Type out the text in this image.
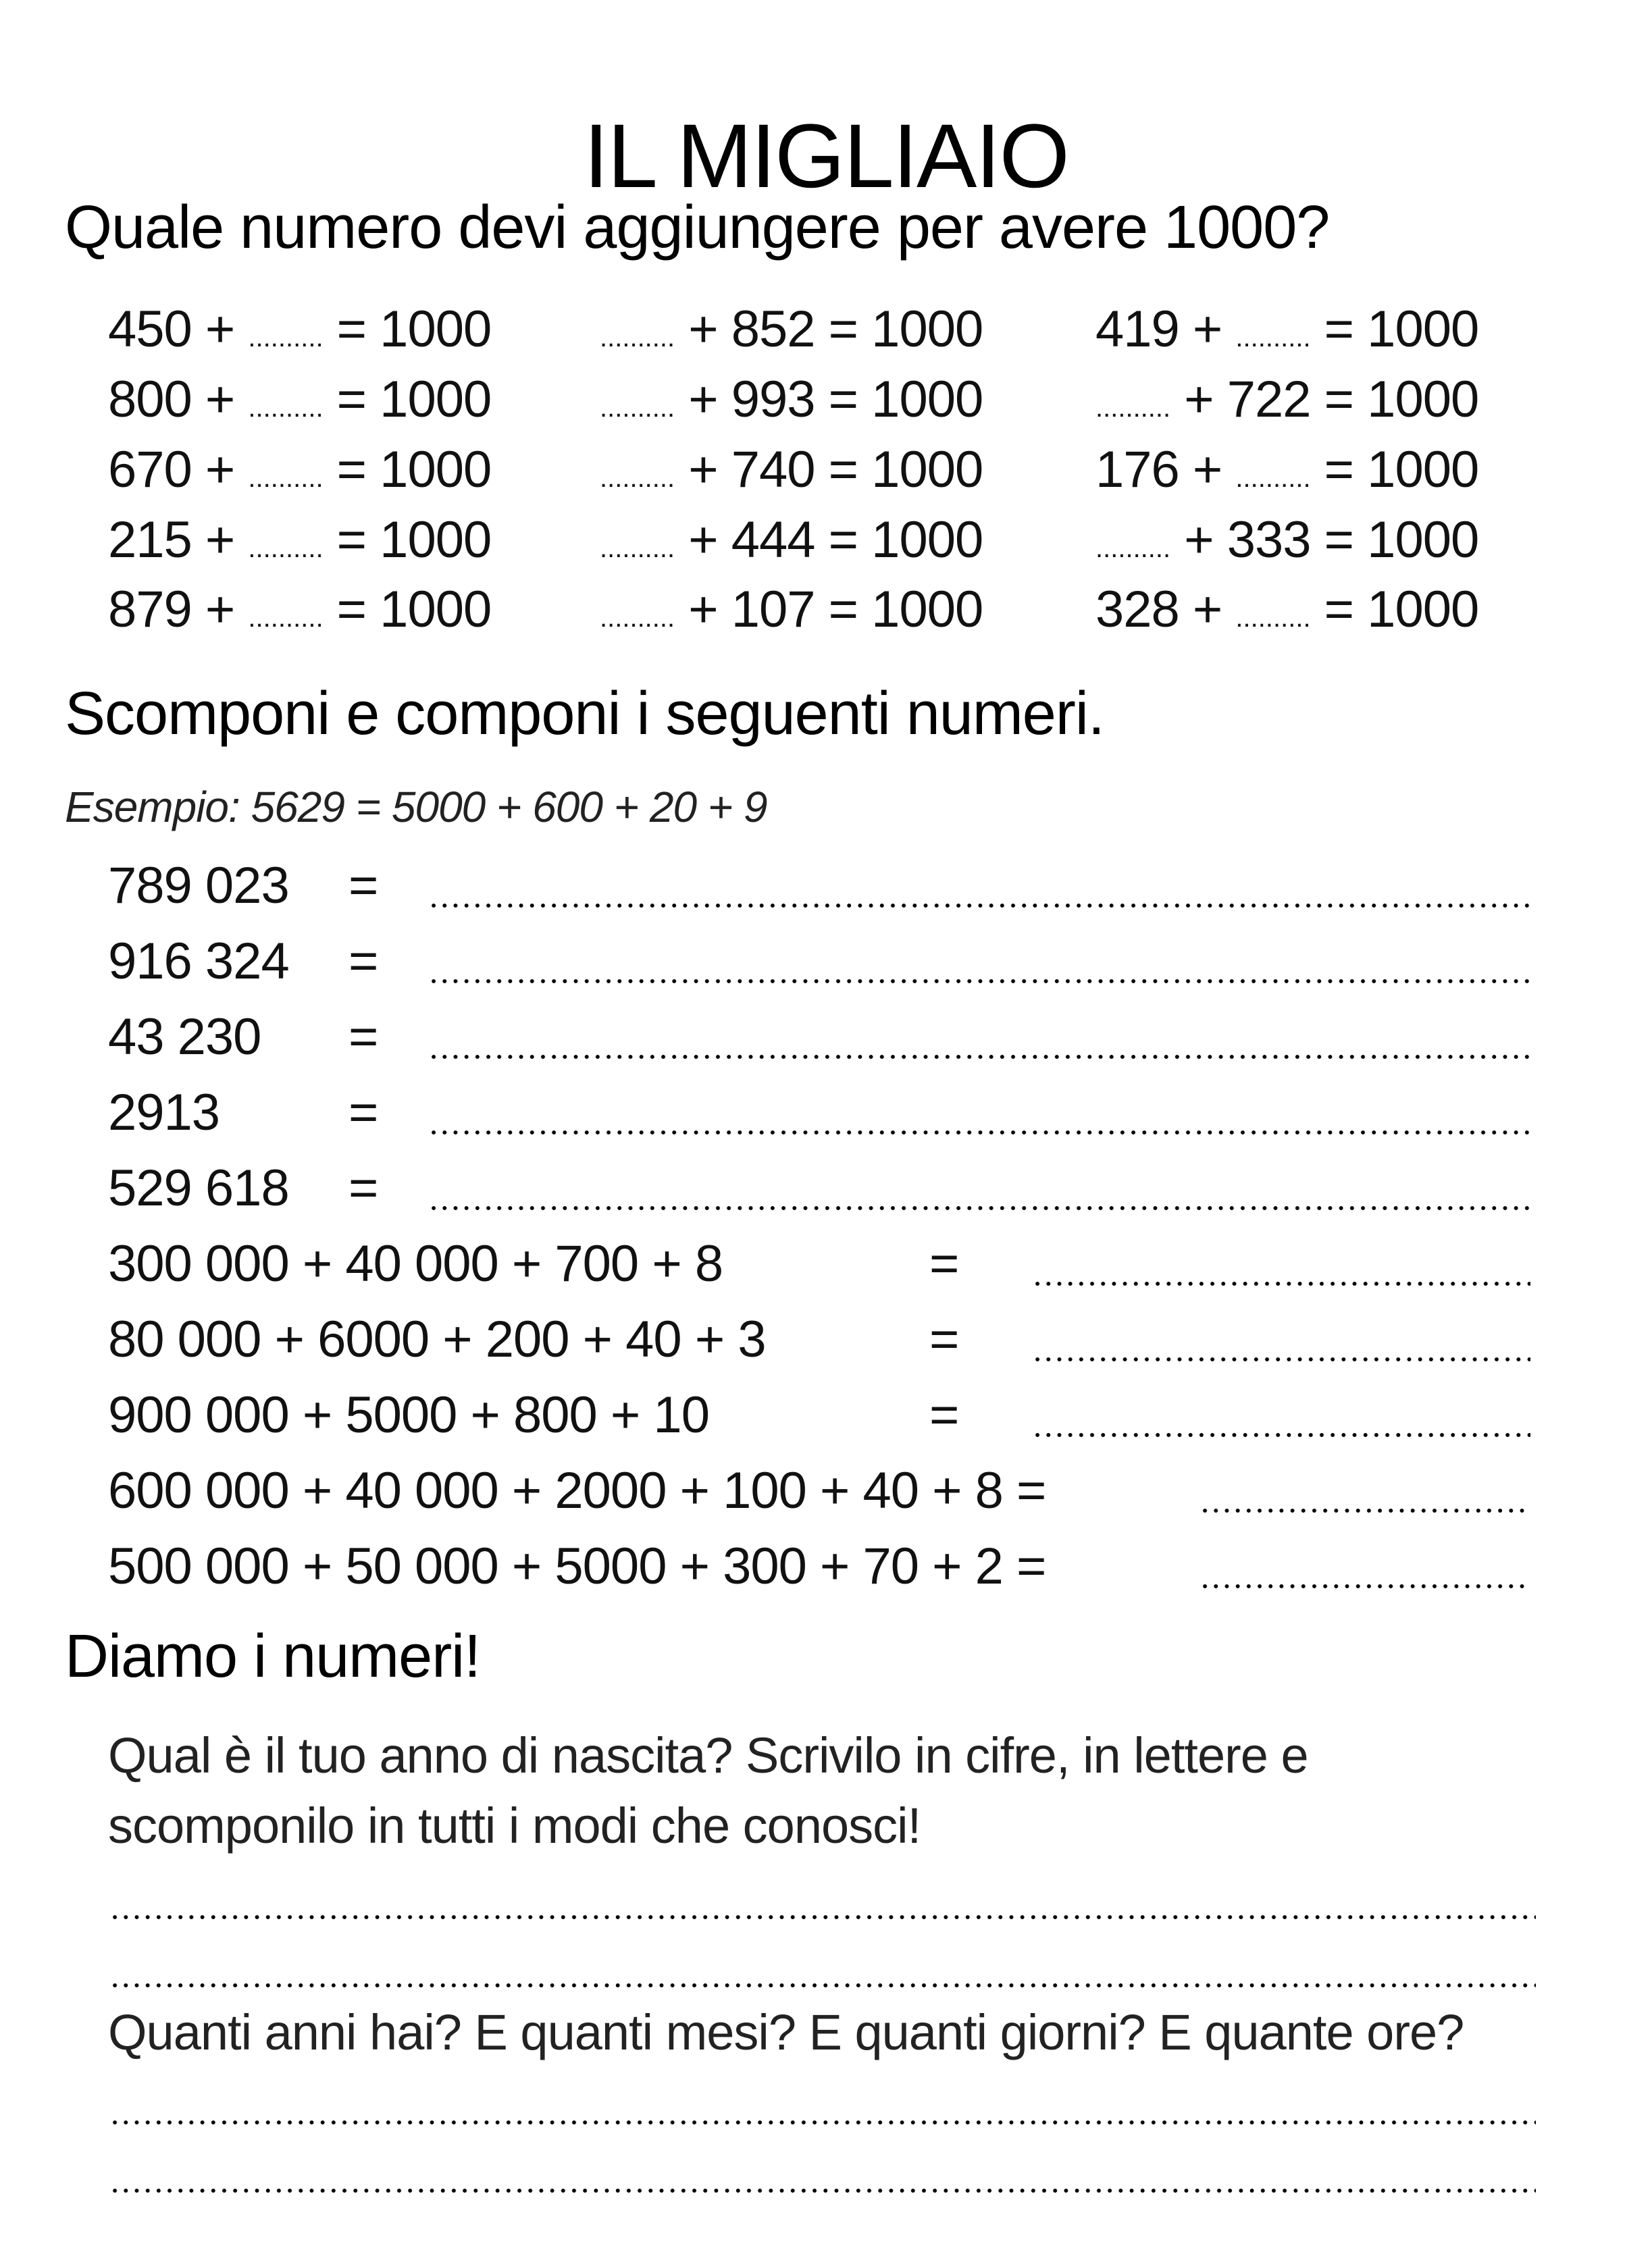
IL MIGLIAIO
Quale numero devi aggiungere per avere 1000?
450 + .......... = 1000
800 + .......... = 1000
670 + .......... = 1000
215 + .......... = 1000
879 + .......... = 1000
.......... + 852 = 1000
.......... + 993 = 1000
.......... + 740 = 1000
.......... + 444 = 1000
.......... + 107 = 1000
419 + .......... = 1000
.......... + 722 = 1000
176 + .......... = 1000
.......... + 333 = 1000
328 + .......... = 1000
Scomponi e componi i seguenti numeri.
Esempio: 5629 = 5000 + 600 + 20 + 9
789 023 =
916 324 =
43 230 =
2913	=
529 618 =
300 000 + 40 000 + 700 + 8	=
80 000 + 6000 + 200 + 40 + 3	=
900 000 + 5000 + 800 + 10	=
600 000 + 40 000 + 2000 + 100 + 40 + 8 =
500 000 + 50 000 + 5000 + 300 + 70 + 2 =
Diamo i numeri!
Qual è il tuo anno di nascita? Scrivilo in cifre, in lettere e
scomponilo in tutti i modi che conosci!
Quanti anni hai? E quanti mesi? E quanti giorni? E quante ore?
